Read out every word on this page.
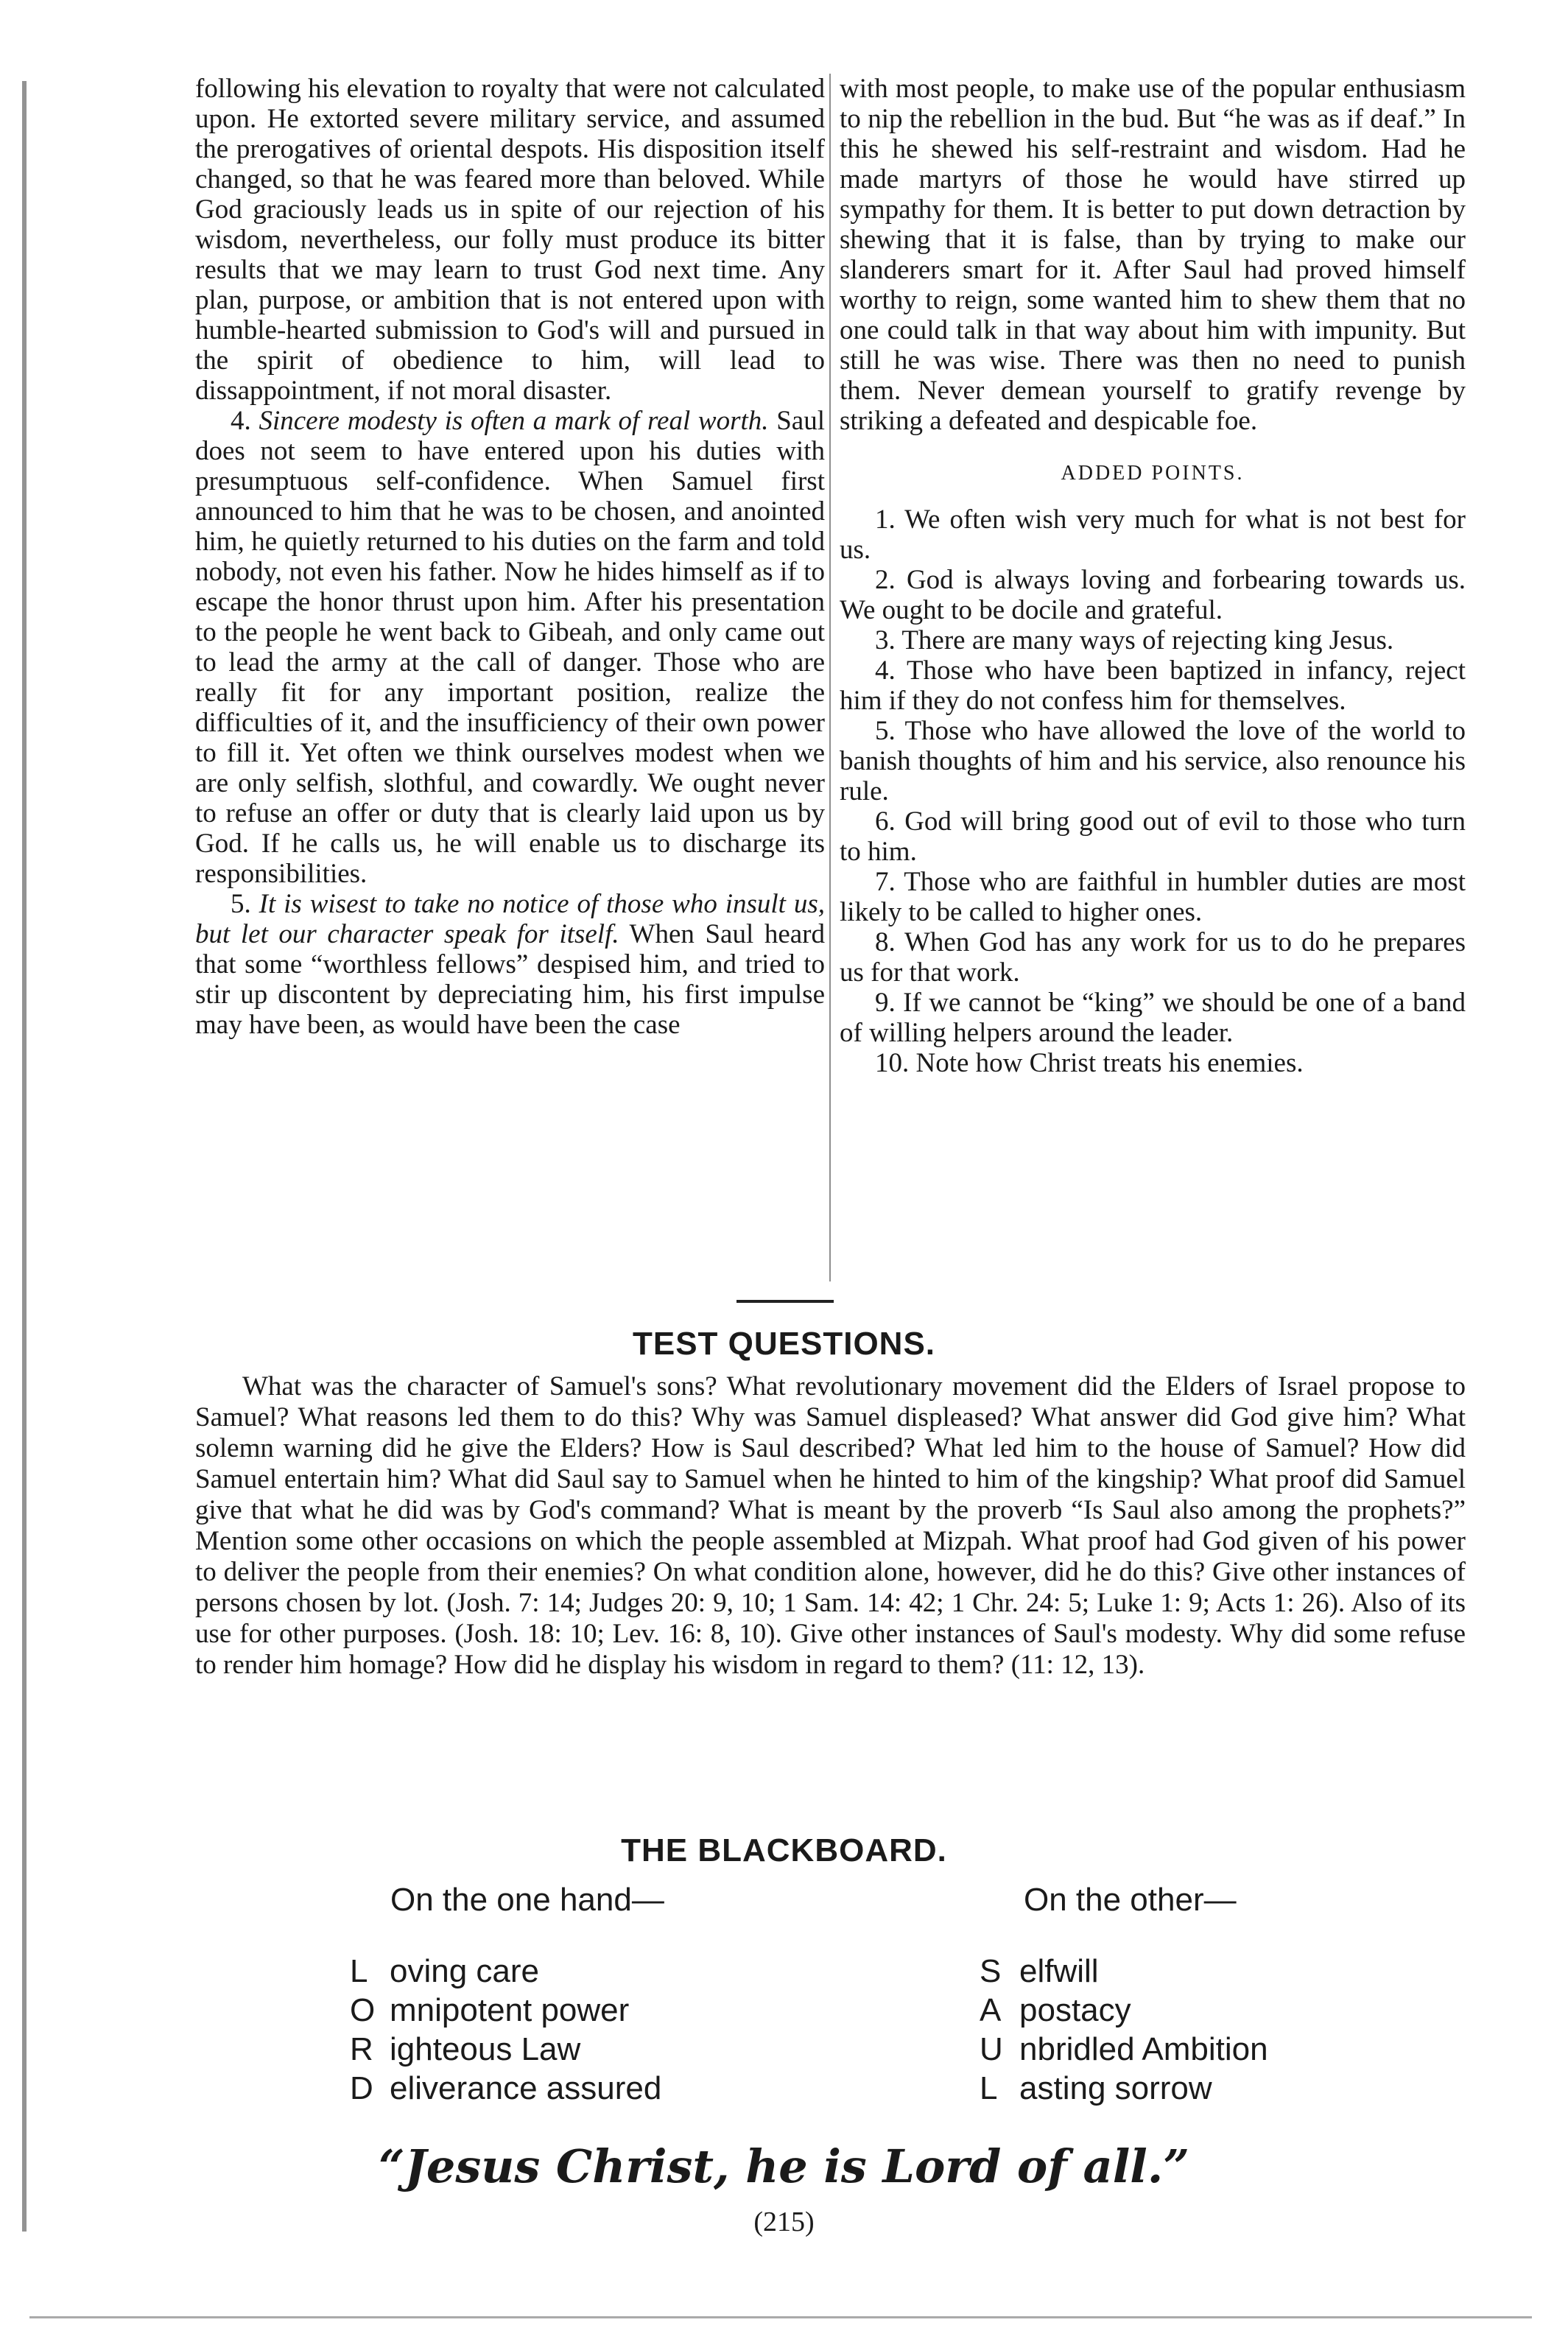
following his elevation to royalty that were not calculated upon. He extorted severe military service, and assumed the prerogatives of oriental despots. His disposition itself changed, so that he was feared more than beloved. While God graciously leads us in spite of our rejection of his wisdom, nevertheless, our folly must produce its bitter results that we may learn to trust God next time. Any plan, purpose, or ambition that is not entered upon with humble-hearted submission to God's will and pursued in the spirit of obedience to him, will lead to dissappointment, if not moral disaster.

4. Sincere modesty is often a mark of real worth. Saul does not seem to have entered upon his duties with presumptuous self-confidence. When Samuel first announced to him that he was to be chosen, and anointed him, he quietly returned to his duties on the farm and told nobody, not even his father. Now he hides himself as if to escape the honor thrust upon him. After his presentation to the people he went back to Gibeah, and only came out to lead the army at the call of danger. Those who are really fit for any important position, realize the difficulties of it, and the insufficiency of their own power to fill it. Yet often we think ourselves modest when we are only selfish, slothful, and cowardly. We ought never to refuse an offer or duty that is clearly laid upon us by God. If he calls us, he will enable us to discharge its responsibilities.

5. It is wisest to take no notice of those who insult us, but let our character speak for itself. When Saul heard that some “worthless fellows” despised him, and tried to stir up discontent by depreciating him, his first impulse may have been, as would have been the case

with most people, to make use of the popular enthusiasm to nip the rebellion in the bud. But “he was as if deaf.” In this he shewed his self-restraint and wisdom. Had he made martyrs of those he would have stirred up sympathy for them. It is better to put down detraction by shewing that it is false, than by trying to make our slanderers smart for it. After Saul had proved himself worthy to reign, some wanted him to shew them that no one could talk in that way about him with impunity. But still he was wise. There was then no need to punish them. Never demean yourself to gratify revenge by striking a defeated and despicable foe.

ADDED POINTS.

1. We often wish very much for what is not best for us.

2. God is always loving and forbearing towards us. We ought to be docile and grateful.

3. There are many ways of rejecting king Jesus.

4. Those who have been baptized in infancy, reject him if they do not confess him for themselves.

5. Those who have allowed the love of the world to banish thoughts of him and his service, also renounce his rule.

6. God will bring good out of evil to those who turn to him.

7. Those who are faithful in humbler duties are most likely to be called to higher ones.

8. When God has any work for us to do he prepares us for that work.

9. If we cannot be “king” we should be one of a band of willing helpers around the leader.

10. Note how Christ treats his enemies.

TEST QUESTIONS.

What was the character of Samuel's sons? What revolutionary movement did the Elders of Israel propose to Samuel? What reasons led them to do this? Why was Samuel displeased? What answer did God give him? What solemn warning did he give the Elders? How is Saul described? What led him to the house of Samuel? How did Samuel entertain him? What did Saul say to Samuel when he hinted to him of the kingship? What proof did Samuel give that what he did was by God's command? What is meant by the proverb “Is Saul also among the prophets?” Mention some other occasions on which the people assembled at Mizpah. What proof had God given of his power to deliver the people from their enemies? On what condition alone, however, did he do this? Give other instances of persons chosen by lot. (Josh. 7: 14; Judges 20: 9, 10; 1 Sam. 14: 42; 1 Chr. 24: 5; Luke 1: 9; Acts 1: 26). Also of its use for other purposes. (Josh. 18: 10; Lev. 16: 8, 10). Give other instances of Saul's modesty. Why did some refuse to render him homage? How did he display his wisdom in regard to them? (11: 12, 13).

THE BLACKBOARD.
On the one hand—	On the other—
L oving care
O mnipotent power
R ighteous Law
D eliverance assured
S elfwill
A postacy
U nbridled Ambition
L asting sorrow
“Jesus Christ, he is Lord of all.”
(215)
